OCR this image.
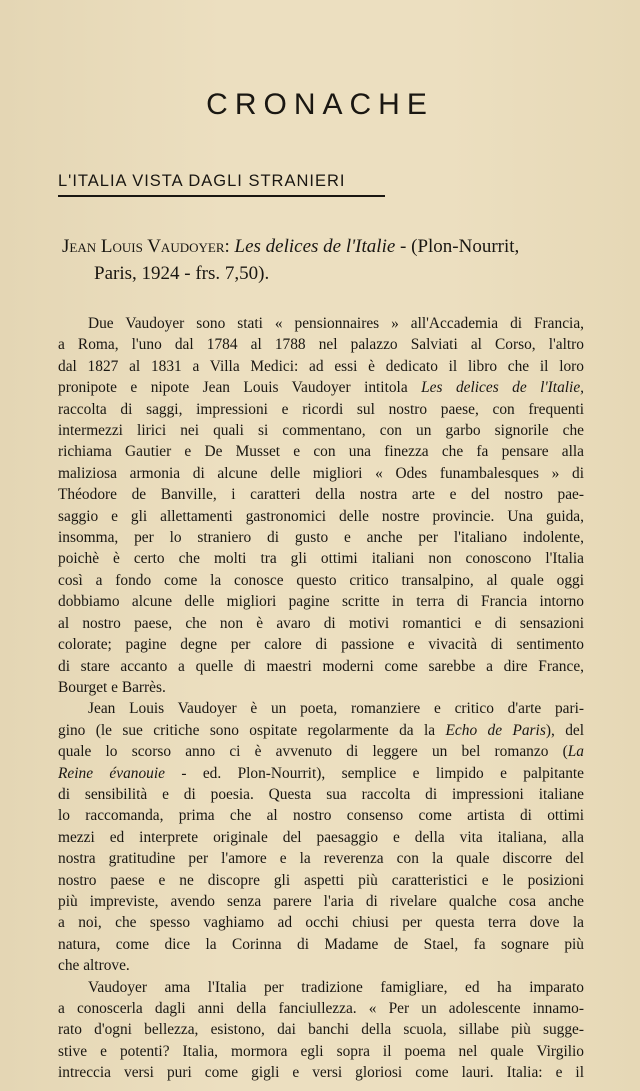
CRONACHE
L'ITALIA VISTA DAGLI STRANIERI
Jean Louis Vaudoyer: Les delices de l'Italie - (Plon-Nourrit,
Paris, 1924 - frs. 7,50).
Due Vaudoyer sono stati « pensionnaires » all'Accademia di Francia,
a Roma, l'uno dal 1784 al 1788 nel palazzo Salviati al Corso, l'altro
dal 1827 al 1831 a Villa Medici: ad essi è dedicato il libro che il loro
pronipote e nipote Jean Louis Vaudoyer intitola Les delices de l'Italie,
raccolta di saggi, impressioni e ricordi sul nostro paese, con frequenti
intermezzi lirici nei quali si commentano, con un garbo signorile che
richiama Gautier e De Musset e con una finezza che fa pensare alla
maliziosa armonia di alcune delle migliori « Odes funambalesques » di
Théodore de Banville, i caratteri della nostra arte e del nostro pae-
saggio e gli allettamenti gastronomici delle nostre provincie. Una guida,
insomma, per lo straniero di gusto e anche per l'italiano indolente,
poichè è certo che molti tra gli ottimi italiani non conoscono l'Italia
così a fondo come la conosce questo critico transalpino, al quale oggi
dobbiamo alcune delle migliori pagine scritte in terra di Francia intorno
al nostro paese, che non è avaro di motivi romantici e di sensazioni
colorate; pagine degne per calore di passione e vivacità di sentimento
di stare accanto a quelle di maestri moderni come sarebbe a dire France,
Bourget e Barrès.
Jean Louis Vaudoyer è un poeta, romanziere e critico d'arte pari-
gino (le sue critiche sono ospitate regolarmente da la Echo de Paris), del
quale lo scorso anno ci è avvenuto di leggere un bel romanzo (La
Reine évanouie - ed. Plon-Nourrit), semplice e limpido e palpitante
di sensibilità e di poesia. Questa sua raccolta di impressioni italiane
lo raccomanda, prima che al nostro consenso come artista di ottimi
mezzi ed interprete originale del paesaggio e della vita italiana, alla
nostra gratitudine per l'amore e la reverenza con la quale discorre del
nostro paese e ne discopre gli aspetti più caratteristici e le posizioni
più impreviste, avendo senza parere l'aria di rivelare qualche cosa anche
a noi, che spesso vaghiamo ad occhi chiusi per questa terra dove la
natura, come dice la Corinna di Madame de Stael, fa sognare più
che altrove.
Vaudoyer ama l'Italia per tradizione famigliare, ed ha imparato
a conoscerla dagli anni della fanciullezza. « Per un adolescente innamo-
rato d'ogni bellezza, esistono, dai banchi della scuola, sillabe più sugge-
stive e potenti? Italia, mormora egli sopra il poema nel quale Virgilio
intreccia versi puri come gigli e versi gloriosi come lauri. Italia: e il
